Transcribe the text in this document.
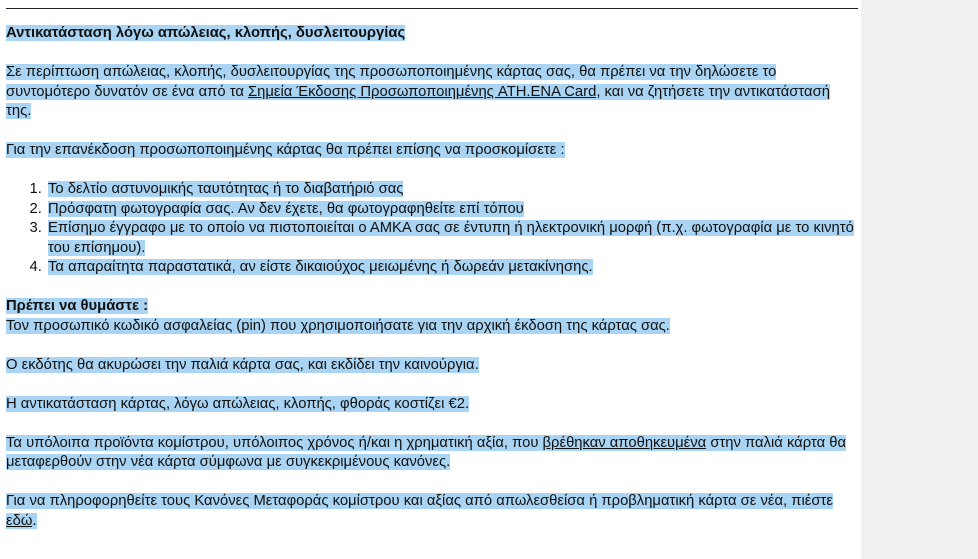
Αντικατάσταση λόγω απώλειας, κλοπής, δυσλειτουργίας

Σε περίπτωση απώλειας, κλοπής, δυσλειτουργίας της προσωποποιημένης κάρτας σας, θα πρέπει να την δηλώσετε το συντομότερο δυνατόν σε ένα από τα Σημεία Έκδοσης Προσωποποιημένης ATH.ENA Card, και να ζητήσετε την αντικατάστασή της.

Για την επανέκδοση προσωποποιημένης κάρτας θα πρέπει επίσης να προσκομίσετε :

1. Το δελτίο αστυνομικής ταυτότητας ή το διαβατήριό σας
2. Πρόσφατη φωτογραφία σας. Αν δεν έχετε, θα φωτογραφηθείτε επί τόπου
3. Επίσημο έγγραφο με το οποίο να πιστοποιείται ο ΑΜΚΑ σας σε έντυπη ή ηλεκτρονική μορφή (π.χ. φωτογραφία με το κινητό του επίσημου).
4. Τα απαραίτητα παραστατικά, αν είστε δικαιούχος μειωμένης ή δωρεάν μετακίνησης.

Πρέπει να θυμάστε :
Τον προσωπικό κωδικό ασφαλείας (pin) που χρησιμοποιήσατε για την αρχική έκδοση της κάρτας σας.

Ο εκδότης θα ακυρώσει την παλιά κάρτα σας, και εκδίδει την καινούργια.

Η αντικατάσταση κάρτας, λόγω απώλειας, κλοπής, φθοράς κοστίζει €2.

Τα υπόλοιπα προϊόντα κομίστρου, υπόλοιπος χρόνος ή/και η χρηματική αξία, που βρέθηκαν αποθηκευμένα στην παλιά κάρτα θα μεταφερθούν στην νέα κάρτα σύμφωνα με συγκεκριμένους κανόνες.

Για να πληροφορηθείτε τους Κανόνες Μεταφοράς κομίστρου και αξίας από απωλεσθείσα ή προβληματική κάρτα σε νέα, πιέστε εδώ.
